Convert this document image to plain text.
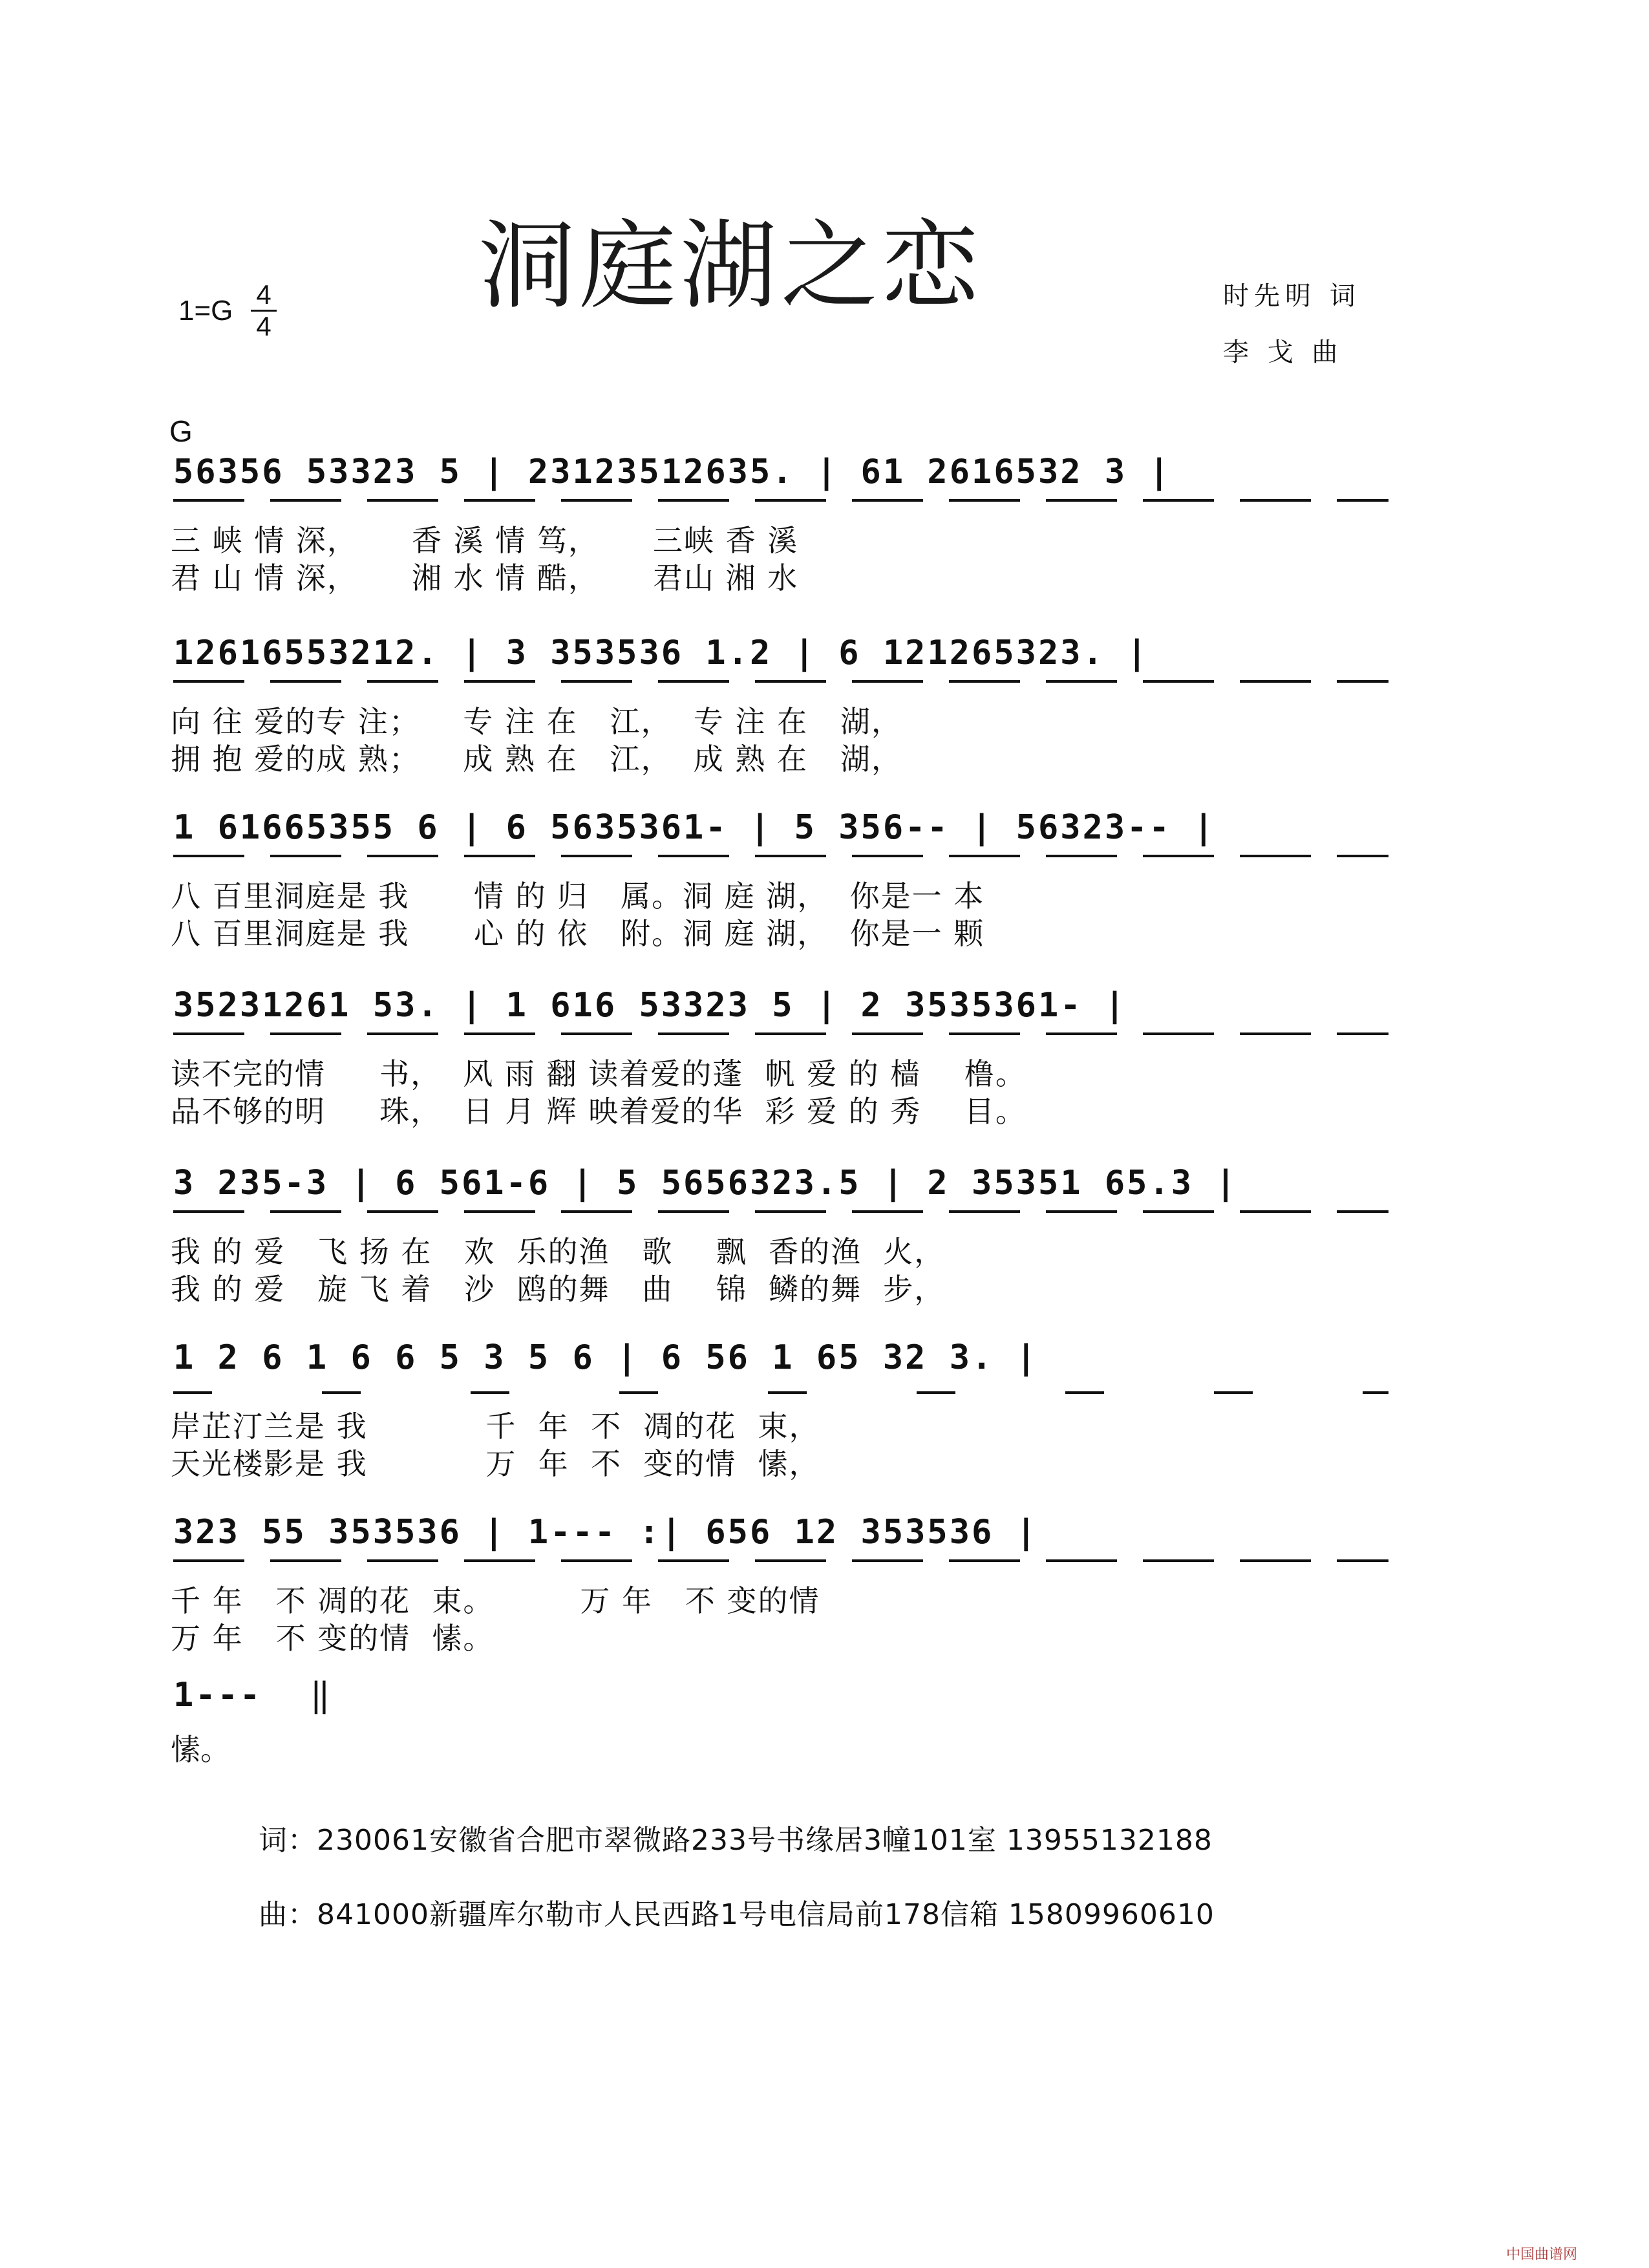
洞庭湖之恋
$1=G \frac{4}{4}$	时先明 词
李 戈 曲
G
56356 53323 5 | 23123512635. | 61 2616532 3 |
三 峡 情 深，     香 溪 情 笃，     三峡 香 溪
君 山 情 深，     湘 水 情 酷，     君山 湘 水
12616553212. | 3 353536 1.2 | 6 121265323. |
向 往 爱的专 注；    专 注 在   江，  专 注 在   湖，
拥 抱 爱的成 熟；    成 熟 在   江，  成 熟 在   湖，
1 61665355 6 | 6 5635361- | 5 356-- | 56323-- |
八 百里洞庭是 我      情 的 归   属。洞 庭 湖，  你是一 本
八 百里洞庭是 我      心 的 依   附。洞 庭 湖，  你是一 颗
35231261 53. | 1 616 53323 5 | 2 3535361- |
读不完的情     书，  风 雨 翻 读着爱的蓬  帆 爱 的 樯    橹。
品不够的明     珠，  日 月 辉 映着爱的华  彩 爱 的 秀    目。
3 235-3 | 6 561-6 | 5 5656323.5 | 2 35351 65.3 |
我 的 爱   飞 扬 在   欢  乐的渔   歌    飘  香的渔  火，
我 的 爱   旋 飞 着   沙  鸥的舞   曲    锦  鳞的舞  步，
1 2 6 1 6 6 5 3 5 6 | 6 56 1 65 32 3. |
岸芷汀兰是 我           千  年  不  凋的花  束，
天光楼影是 我           万  年  不  变的情  愫，
323 55 353536 | 1--- :| 656 12 353536 |
千 年   不 凋的花  束。        万 年   不 变的情
万 年   不 变的情  愫。
1--- ‖
愫。
词：230061安徽省合肥市翠微路233号书缘居3幢101室 13955132188
曲：841000新疆库尔勒市人民西路1号电信局前178信箱 15809960610
中国曲谱网
